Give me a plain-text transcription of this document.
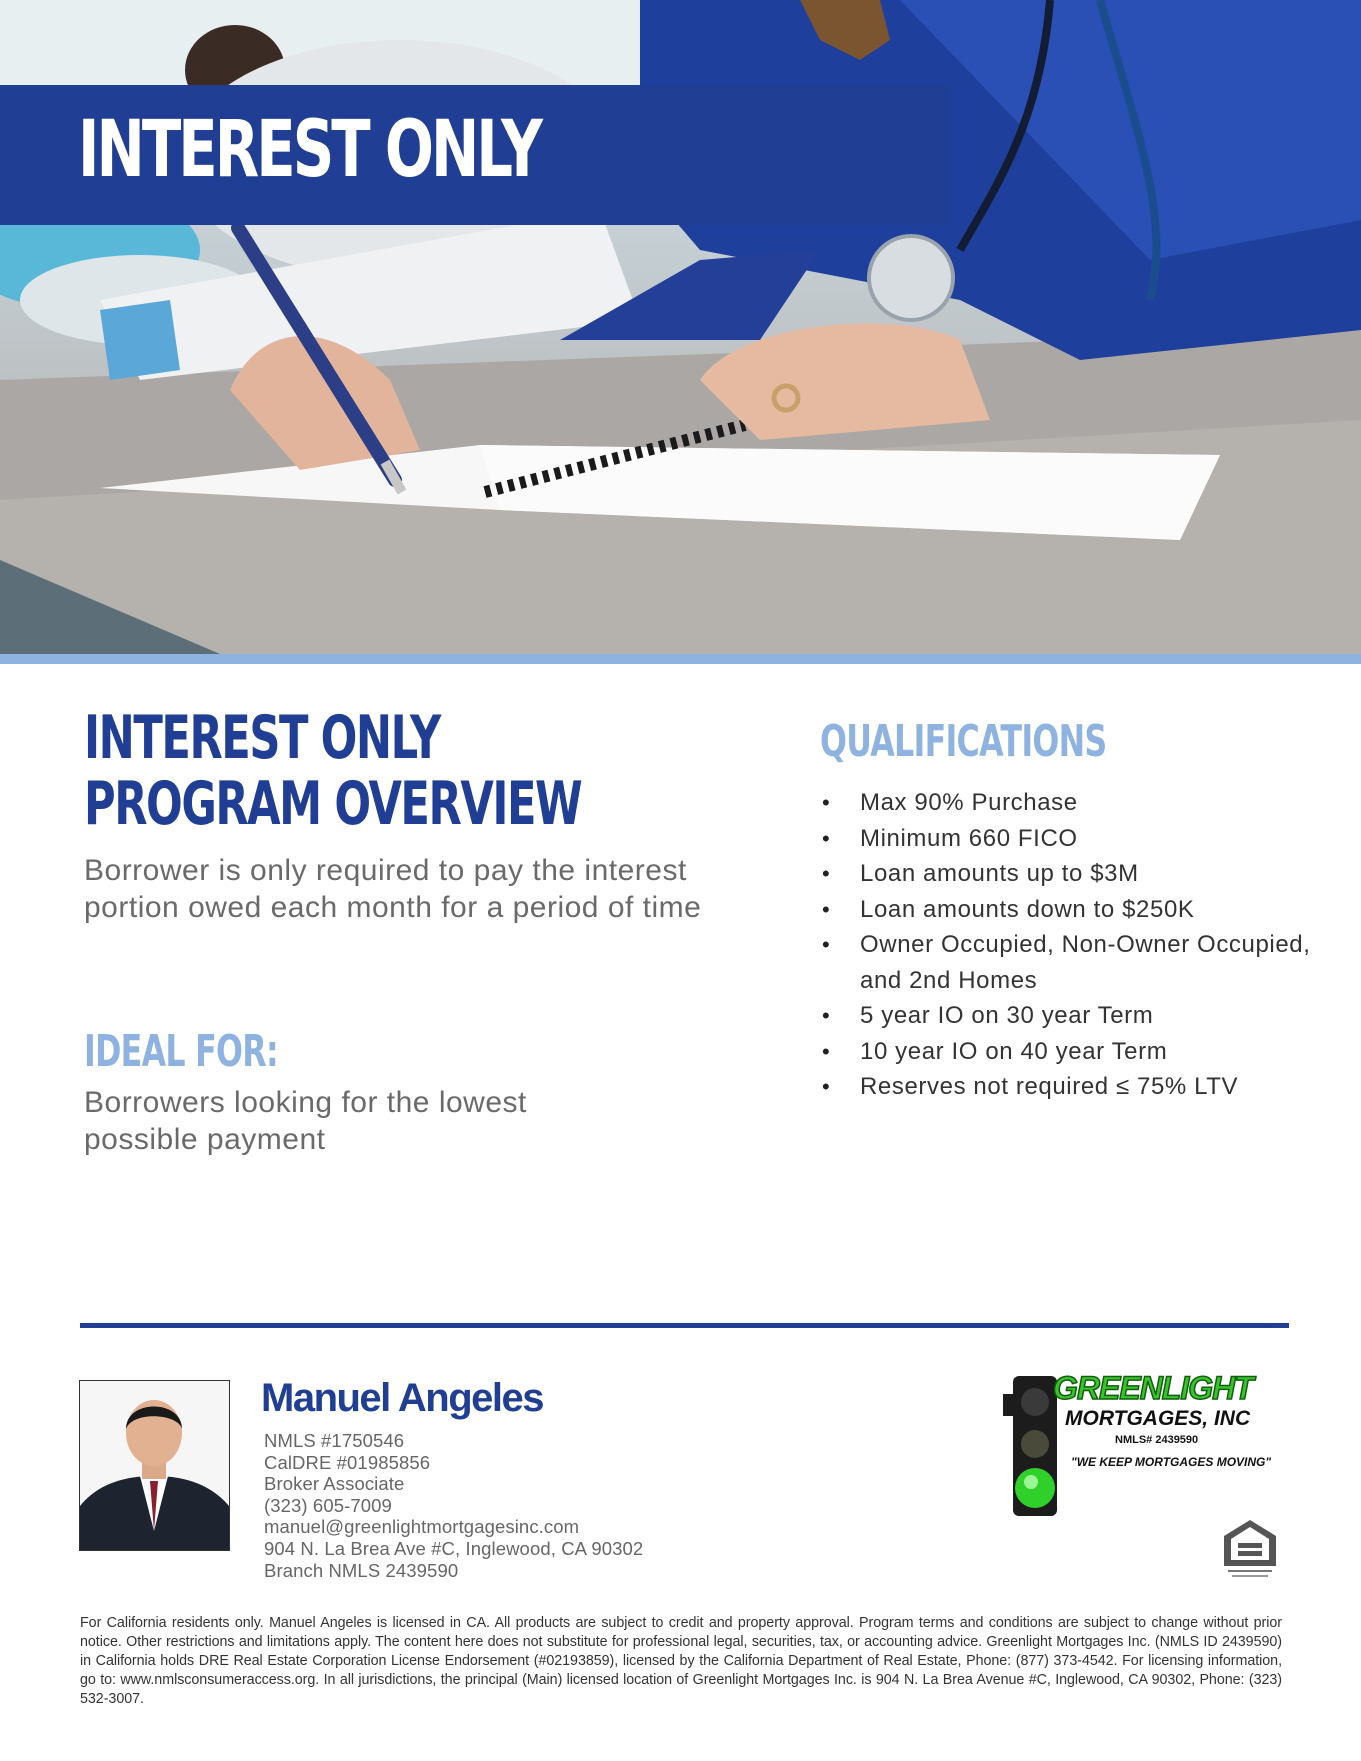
INTEREST ONLY
INTEREST ONLY
PROGRAM OVERVIEW

Borrower is only required to pay the interest portion owed each month for a period of time

IDEAL FOR:

Borrowers looking for the lowest possible payment

QUALIFICATIONS
• Max 90% Purchase
• Minimum 660 FICO
• Loan amounts up to $3M
• Loan amounts down to $250K
• Owner Occupied, Non-Owner Occupied, and 2nd Homes
• 5 year IO on 30 year Term
• 10 year IO on 40 year Term
• Reserves not required ≤ 75% LTV
Manuel Angeles
NMLS #1750546
CalDRE #01985856
Broker Associate
(323) 605-7009
manuel@greenlightmortgagesinc.com
904 N. La Brea Ave #C, Inglewood, CA 90302
Branch NMLS 2439590
GREENLIGHT
MORTGAGES, INC
NMLS# 2439590
"WE KEEP MORTGAGES MOVING"

For California residents only. Manuel Angeles is licensed in CA. All products are subject to credit and property approval. Program terms and conditions are subject to change without prior notice. Other restrictions and limitations apply. The content here does not substitute for professional legal, securities, tax, or accounting advice. Greenlight Mortgages Inc. (NMLS ID 2439590) in California holds DRE Real Estate Corporation License Endorsement (#02193859), licensed by the California Department of Real Estate, Phone: (877) 373-4542. For licensing information, go to: www.nmlsconsumeraccess.org. In all jurisdictions, the principal (Main) licensed location of Greenlight Mortgages Inc. is 904 N. La Brea Avenue #C, Inglewood, CA 90302, Phone: (323) 532-3007.
